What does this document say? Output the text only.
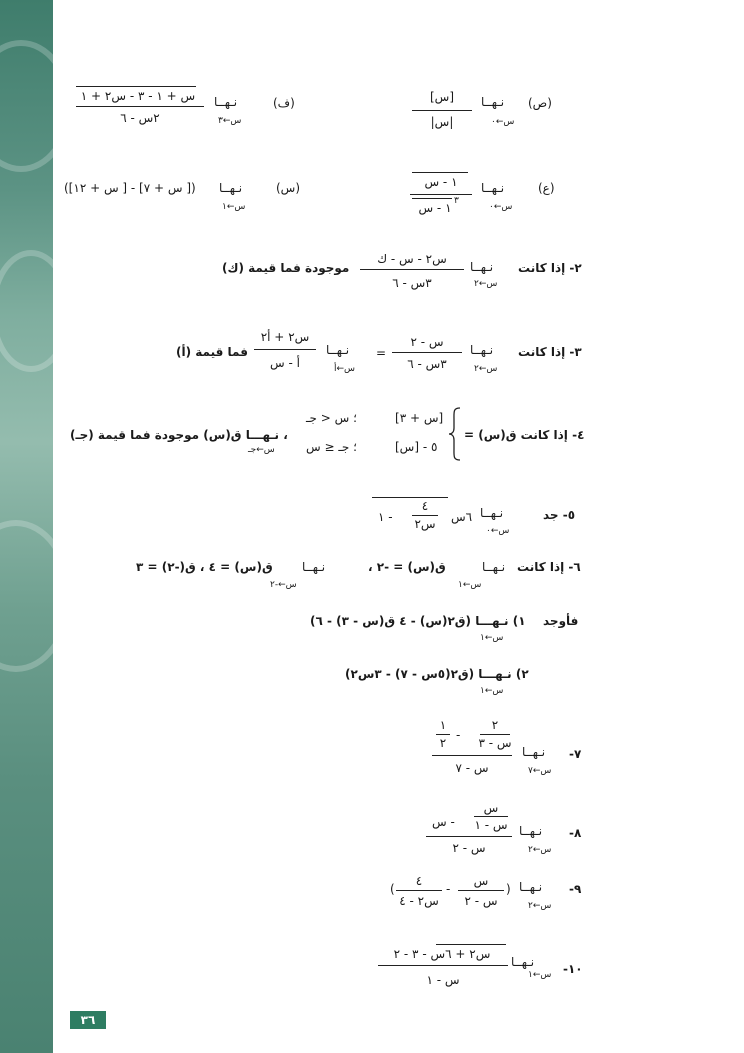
(ص)
نـهــا
س←٠
[س]
|س|
(ف)
نـهــا
س←٣
س + ١ - ٣ - س٢ + ١
٢س - ٦
(ع)
نـهــا
س←٠
١ - س
٣
١ - س
(س)
نـهــا
س←١
([ س + ٧] - [ س + ١٢])
٢- إذا كانت
نـهــا
س←٢
س٢ - س - ك
٣س - ٦
موجودة فما قيمة (ك)
٣- إذا كانت
نـهــا
س←٢
س - ٢
٣س - ٦
=
نـهــا
س←أ
س٢ + أ٢
أ - س
فما قيمة (أ)
٤- إذا كانت ق(س) =
[س + ٣]
؛ س < جـ
٥ - [س]
؛ جـ ≤ س
، نـهـــا ق(س) موجودة فما قيمة (جـ)
س←جـ
٥- جد
نـهــا
س←٠
٦س
٤
س٢
- ١
٦- إذا كانت
نـهــا
س←١
ق(س) = -٢ ،
نـهــا
س←-٢
ق(س) = ٤ ، ق(-٢) = ٣
فأوجد
١) نـهـــا (ق٢(س) - ٤ ق(س - ٣) - ٦)
س←١
٢) نـهـــا (ق٢(٥س - ٧) - ٣س٢)
س←١
٧-
نـهــا
س←٧
٢
س - ٣
-
١
٢
س - ٧
٨-
نـهــا
س←٢
س
س - ١
- س
س - ٢
٩-
نـهــا
س←٢
(
س
س - ٢
-
٤
س٢ - ٤
)
١٠-
نـهــا
س←١
س٢ + ٦س - ٣ - ٢
س - ١
٣٦
